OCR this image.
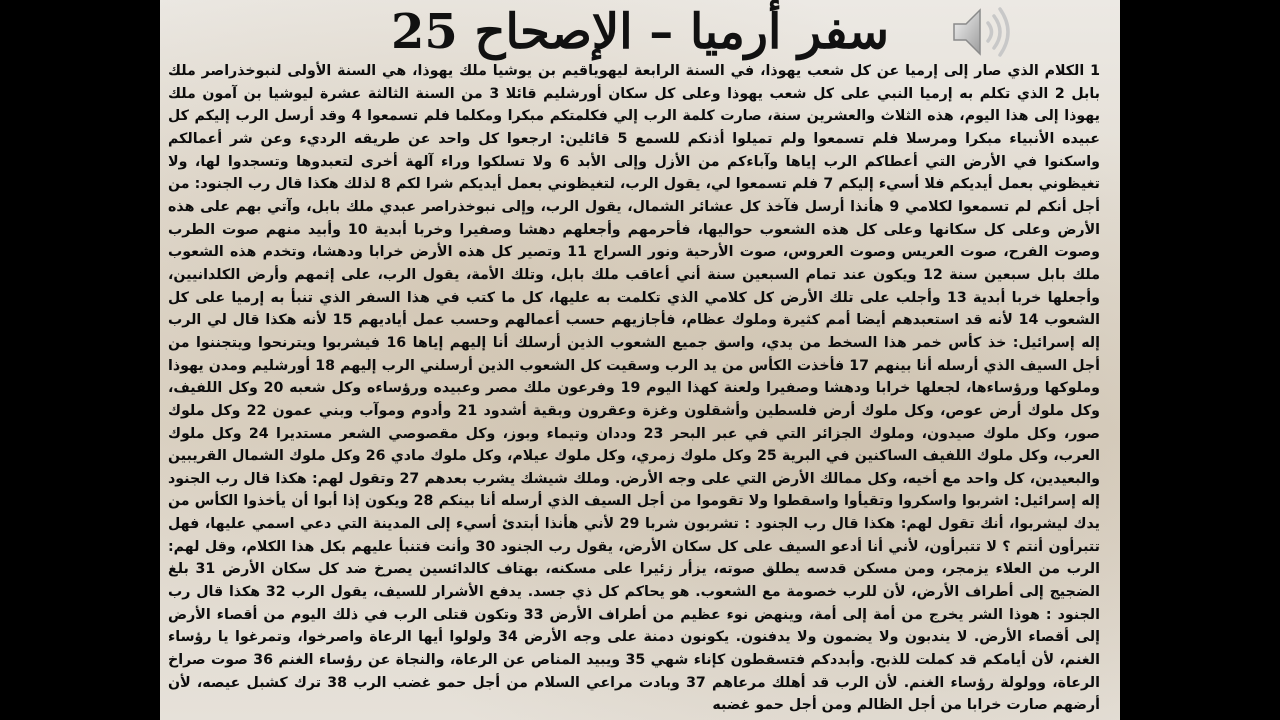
سفر أرميا – الإصحاح 25

1 الكلام الذي صار إلى إرميا عن كل شعب يهوذا، في السنة الرابعة ليهوياقيم بن يوشيا ملك يهوذا، هي السنة الأولى لنبوخذراصر ملك بابل 2 الذي تكلم به إرميا النبي على كل شعب يهوذا وعلى كل سكان أورشليم قائلا 3 من السنة الثالثة عشرة ليوشيا بن آمون ملك يهوذا إلى هذا اليوم، هذه الثلاث والعشرين سنة، صارت كلمة الرب إلي فكلمتكم مبكرا ومكلما فلم تسمعوا 4 وقد أرسل الرب إليكم كل عبيده الأنبياء مبكرا ومرسلا فلم تسمعوا ولم تميلوا أذنكم للسمع 5 قائلين: ارجعوا كل واحد عن طريقه الرديء وعن شر أعمالكم واسكنوا في الأرض التي أعطاكم الرب إياها وآباءكم من الأزل وإلى الأبد 6 ولا تسلكوا وراء آلهة أخرى لتعبدوها وتسجدوا لها، ولا تغيظوني بعمل أيديكم فلا أسيء إليكم 7 فلم تسمعوا لي، يقول الرب، لتغيظوني بعمل أيديكم شرا لكم 8 لذلك هكذا قال رب الجنود: من أجل أنكم لم تسمعوا لكلامي 9 هأنذا أرسل فآخذ كل عشائر الشمال، يقول الرب، وإلى نبوخذراصر عبدي ملك بابل، وآتي بهم على هذه الأرض وعلى كل سكانها وعلى كل هذه الشعوب حواليها، فأحرمهم وأجعلهم دهشا وصفيرا وخربا أبدية 10 وأبيد منهم صوت الطرب وصوت الفرح، صوت العريس وصوت العروس، صوت الأرحية ونور السراج 11 وتصير كل هذه الأرض خرابا ودهشا، وتخدم هذه الشعوب ملك بابل سبعين سنة 12 ويكون عند تمام السبعين سنة أني أعاقب ملك بابل، وتلك الأمة، يقول الرب، على إثمهم وأرض الكلدانيين، وأجعلها خربا أبدية 13 وأجلب على تلك الأرض كل كلامي الذي تكلمت به عليها، كل ما كتب في هذا السفر الذي تنبأ به إرميا على كل الشعوب 14 لأنه قد استعبدهم أيضا أمم كثيرة وملوك عظام، فأجازيهم حسب أعمالهم وحسب عمل أياديهم 15 لأنه هكذا قال لي الرب إله إسرائيل: خذ كأس خمر هذا السخط من يدي، واسق جميع الشعوب الذين أرسلك أنا إليهم إياها 16 فيشربوا ويترنحوا ويتجننوا من أجل السيف الذي أرسله أنا بينهم 17 فأخذت الكأس من يد الرب وسقيت كل الشعوب الذين أرسلني الرب إليهم 18 أورشليم ومدن يهوذا وملوكها ورؤساءها، لجعلها خرابا ودهشا وصفيرا ولعنة كهذا اليوم 19 وفرعون ملك مصر وعبيده ورؤساءه وكل شعبه 20 وكل اللفيف، وكل ملوك أرض عوص، وكل ملوك أرض فلسطين وأشقلون وغزة وعقرون وبقية أشدود 21 وأدوم وموآب وبني عمون 22 وكل ملوك صور، وكل ملوك صيدون، وملوك الجزائر التي في عبر البحر 23 وددان وتيماء وبوز، وكل مقصوصي الشعر مستديرا 24 وكل ملوك العرب، وكل ملوك اللفيف الساكنين في البرية 25 وكل ملوك زمري، وكل ملوك عيلام، وكل ملوك مادي 26 وكل ملوك الشمال القريبين والبعيدين، كل واحد مع أخيه، وكل ممالك الأرض التي على وجه الأرض. وملك شيشك يشرب بعدهم 27 وتقول لهم: هكذا قال رب الجنود إله إسرائيل: اشربوا واسكروا وتقيأوا واسقطوا ولا تقوموا من أجل السيف الذي أرسله أنا بينكم 28 ويكون إذا أبوا أن يأخذوا الكأس من يدك ليشربوا، أنك تقول لهم: هكذا قال رب الجنود : تشربون شربا 29 لأني هأنذا أبتدئ أسيء إلى المدينة التي دعي اسمي عليها، فهل تتبرأون أنتم ؟ لا تتبرأون، لأني أنا أدعو السيف على كل سكان الأرض، يقول رب الجنود 30 وأنت فتنبأ عليهم بكل هذا الكلام، وقل لهم: الرب من العلاء يزمجر، ومن مسكن قدسه يطلق صوته، يزأر زئيرا على مسكنه، بهتاف كالدائسين يصرخ ضد كل سكان الأرض 31 بلغ الضجيج إلى أطراف الأرض، لأن للرب خصومة مع الشعوب. هو يحاكم كل ذي جسد. يدفع الأشرار للسيف، يقول الرب 32 هكذا قال رب الجنود : هوذا الشر يخرج من أمة إلى أمة، وينهض نوء عظيم من أطراف الأرض 33 وتكون قتلى الرب في ذلك اليوم من أقصاء الأرض إلى أقصاء الأرض. لا يندبون ولا يضمون ولا يدفنون. يكونون دمنة على وجه الأرض 34 ولولوا أيها الرعاة واصرخوا، وتمرغوا يا رؤساء الغنم، لأن أيامكم قد كملت للذبح. وأبددكم فتسقطون كإناء شهي 35 ويبيد المناص عن الرعاة، والنجاة عن رؤساء الغنم 36 صوت صراخ الرعاة، وولولة رؤساء الغنم. لأن الرب قد أهلك مرعاهم 37 وبادت مراعي السلام من أجل حمو غضب الرب 38 ترك كشبل عيصه، لأن أرضهم صارت خرابا من أجل الظالم ومن أجل حمو غضبه
